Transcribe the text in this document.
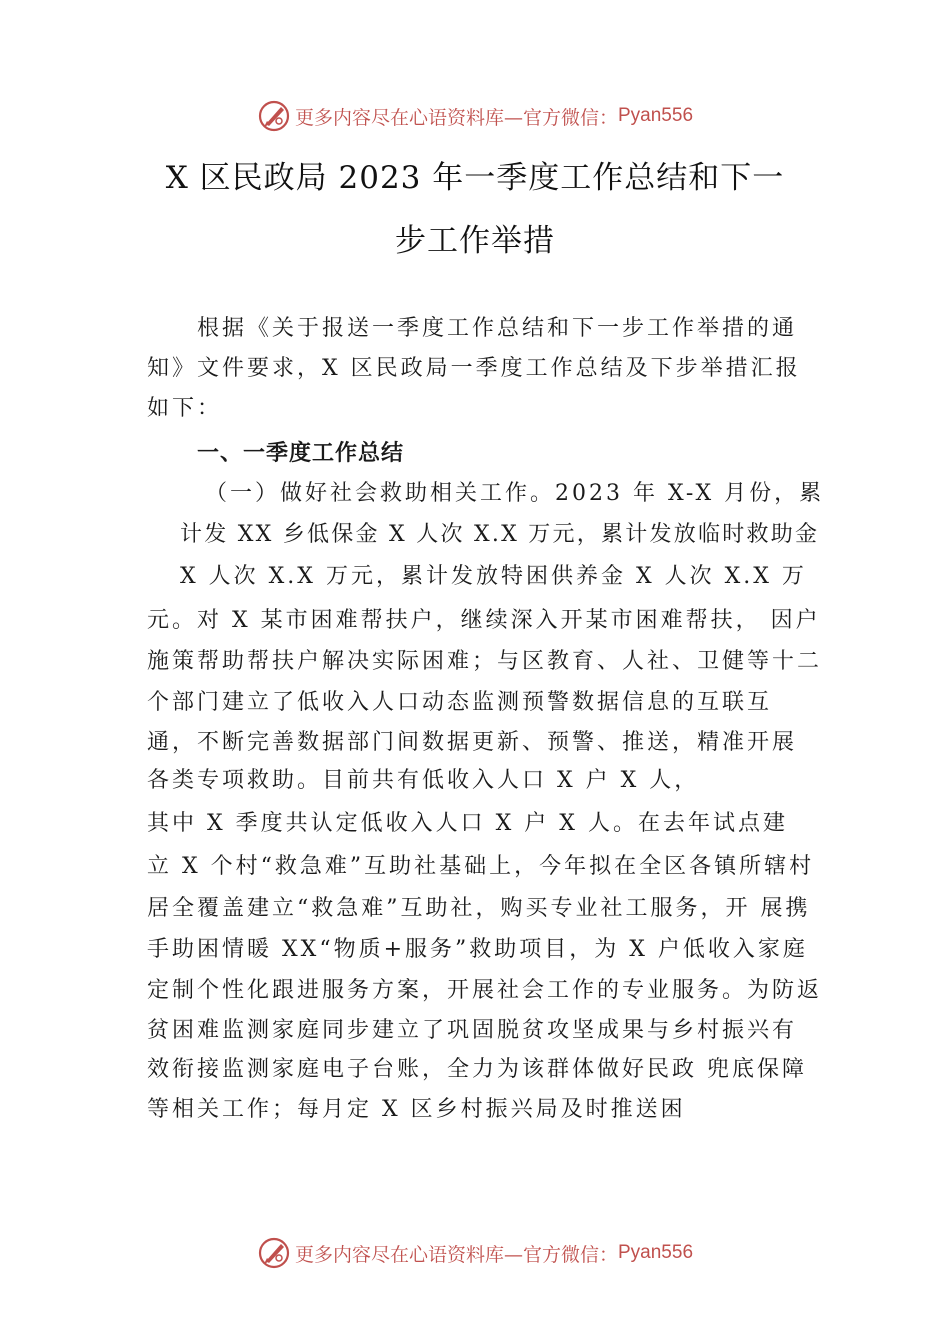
更多内容尽在心语资料库—官方微信： Pyan556
X 区民政局 2023 年一季度工作总结和下一
步工作举措
根据《关于报送一季度工作总结和下一步工作举措的通
知》文件要求，X 区民政局一季度工作总结及下步举措汇报
如下：
一、一季度工作总结
（一）做好社会救助相关工作。2023 年 X-X 月份，累
计发 XX 乡低保金 X 人次 X.X 万元，累计发放临时救助金
X 人次 X.X 万元，累计发放特困供养金 X 人次 X.X 万
元。对 X 某市困难帮扶户，继续深入开某市困难帮扶， 因户
施策帮助帮扶户解决实际困难；与区教育、人社、卫健等十二
个部门建立了低收入人口动态监测预警数据信息的互联互
通，不断完善数据部门间数据更新、预警、推送，精准开展
各类专项救助。目前共有低收入人口 X 户 X 人，
其中 X 季度共认定低收入人口 X 户 X 人。在去年试点建
立 X 个村“救急难”互助社基础上，今年拟在全区各镇所辖村
居全覆盖建立“救急难”互助社，购买专业社工服务，开 展携
手助困情暖 XX“物质+服务”救助项目，为 X 户低收入家庭
定制个性化跟进服务方案，开展社会工作的专业服务。为防返
贫困难监测家庭同步建立了巩固脱贫攻坚成果与乡村振兴有
效衔接监测家庭电子台账，全力为该群体做好民政 兜底保障
等相关工作；每月定 X 区乡村振兴局及时推送困
更多内容尽在心语资料库—官方微信： Pyan556
